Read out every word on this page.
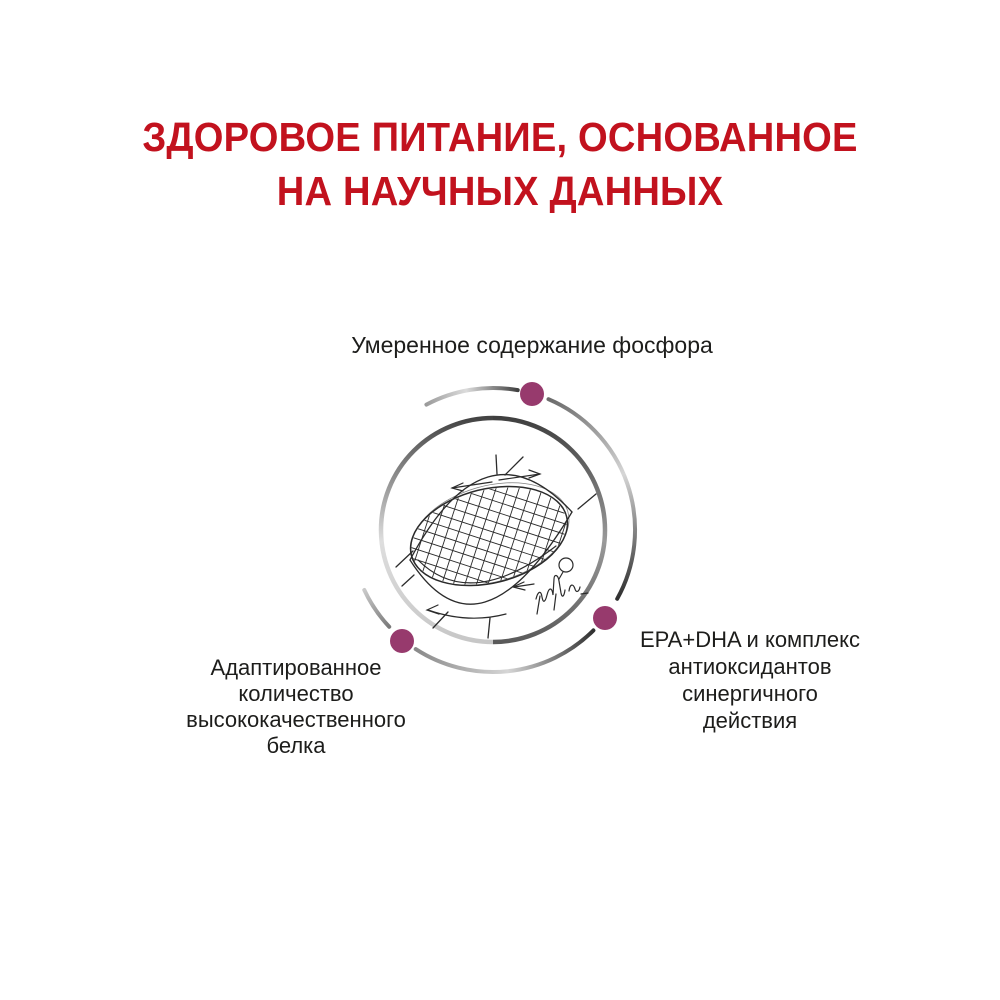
ЗДОРОВОЕ ПИТАНИЕ, ОСНОВАННОЕ
НА НАУЧНЫХ ДАННЫХ
Умеренное содержание фосфора
Адаптированное
количество
высококачественного
белка
EPA+DHA и комплекс
антиоксидантов
синергичного
действия
